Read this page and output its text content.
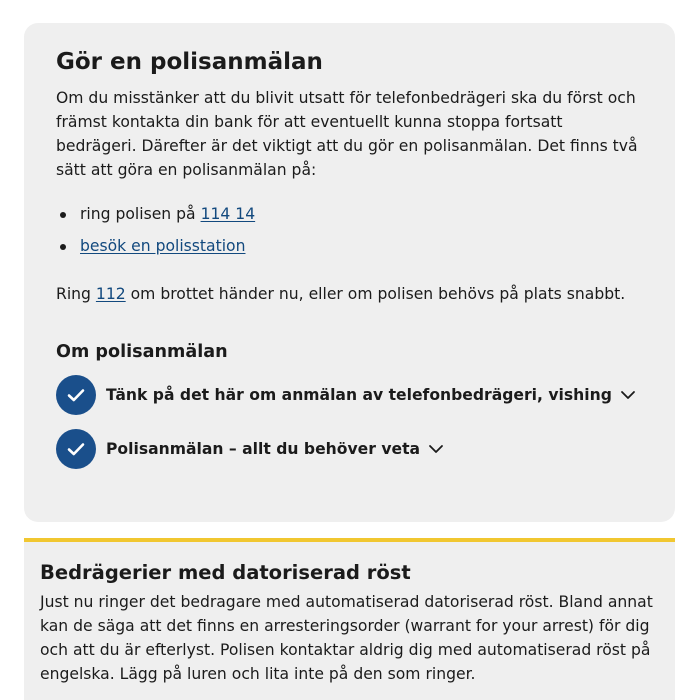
Gör en polisanmälan

Om du misstänker att du blivit utsatt för telefonbedrägeri ska du först och främst kontakta din bank för att eventuellt kunna stoppa fortsatt bedrägeri. Därefter är det viktigt att du gör en polisanmälan. Det finns två sätt att göra en polisanmälan på:

ring polisen på 114 14
besök en polisstation

Ring 112 om brottet händer nu, eller om polisen behövs på plats snabbt.

Om polisanmälan
Tänk på det här om anmälan av telefonbedrägeri, vishing
Polisanmälan – allt du behöver veta
Bedrägerier med datoriserad röst

Just nu ringer det bedragare med automatiserad datoriserad röst. Bland annat kan de säga att det finns en arresteringsorder (warrant for your arrest) för dig och att du är efterlyst. Polisen kontaktar aldrig dig med automatiserad röst på engelska. Lägg på luren och lita inte på den som ringer.
